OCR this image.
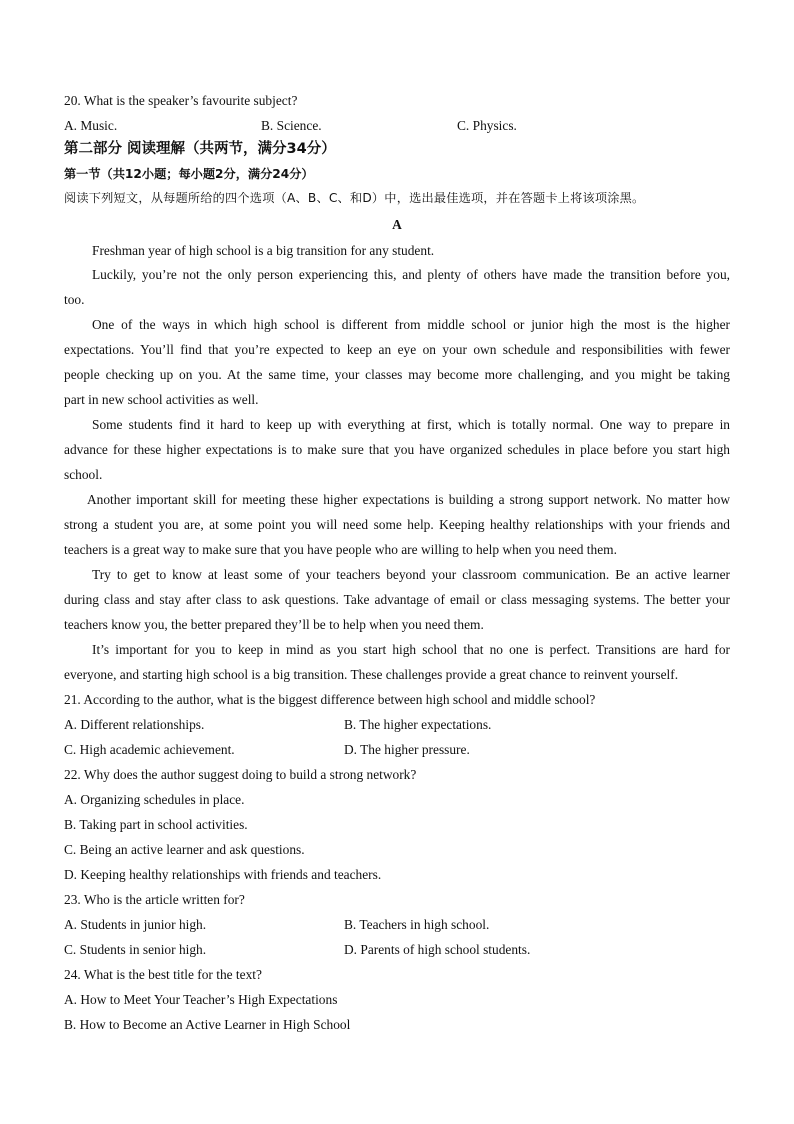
20. What is the speaker’s favourite subject?
A. Music.	B. Science.	C. Physics.
第二部分 阅读理解（共两节，满分34分）
第一节（共12小题；每小题2分，满分24分）
阅读下列短文，从每题所给的四个选项（A、B、C、和D）中，选出最佳选项，并在答题卡上将该项涂黑。
A
Freshman year of high school is a big transition for any student.
Luckily, you’re not the only person experiencing this, and plenty of others have made the transition before you,
too.
One of the ways in which high school is different from middle school or junior high the most is the higher
expectations. You’ll find that you’re expected to keep an eye on your own schedule and responsibilities with fewer
people checking up on you. At the same time, your classes may become more challenging, and you might be taking
part in new school activities as well.
Some students find it hard to keep up with everything at first, which is totally normal. One way to prepare in
advance for these higher expectations is to make sure that you have organized schedules in place before you start high
school.
Another important skill for meeting these higher expectations is building a strong support network. No matter how
strong a student you are, at some point you will need some help. Keeping healthy relationships with your friends and
teachers is a great way to make sure that you have people who are willing to help when you need them.
Try to get to know at least some of your teachers beyond your classroom communication. Be an active learner
during class and stay after class to ask questions. Take advantage of email or class messaging systems. The better your
teachers know you, the better prepared they’ll be to help when you need them.
It’s important for you to keep in mind as you start high school that no one is perfect. Transitions are hard for
everyone, and starting high school is a big transition. These challenges provide a great chance to reinvent yourself.
21. According to the author, what is the biggest difference between high school and middle school?
A. Different relationships.	B. The higher expectations.
C. High academic achievement.	D. The higher pressure.
22. Why does the author suggest doing to build a strong network?
A. Organizing schedules in place.
B. Taking part in school activities.
C. Being an active learner and ask questions.
D. Keeping healthy relationships with friends and teachers.
23. Who is the article written for?
A. Students in junior high.	B. Teachers in high school.
C. Students in senior high.	D. Parents of high school students.
24. What is the best title for the text?
A. How to Meet Your Teacher’s High Expectations
B. How to Become an Active Learner in High School
